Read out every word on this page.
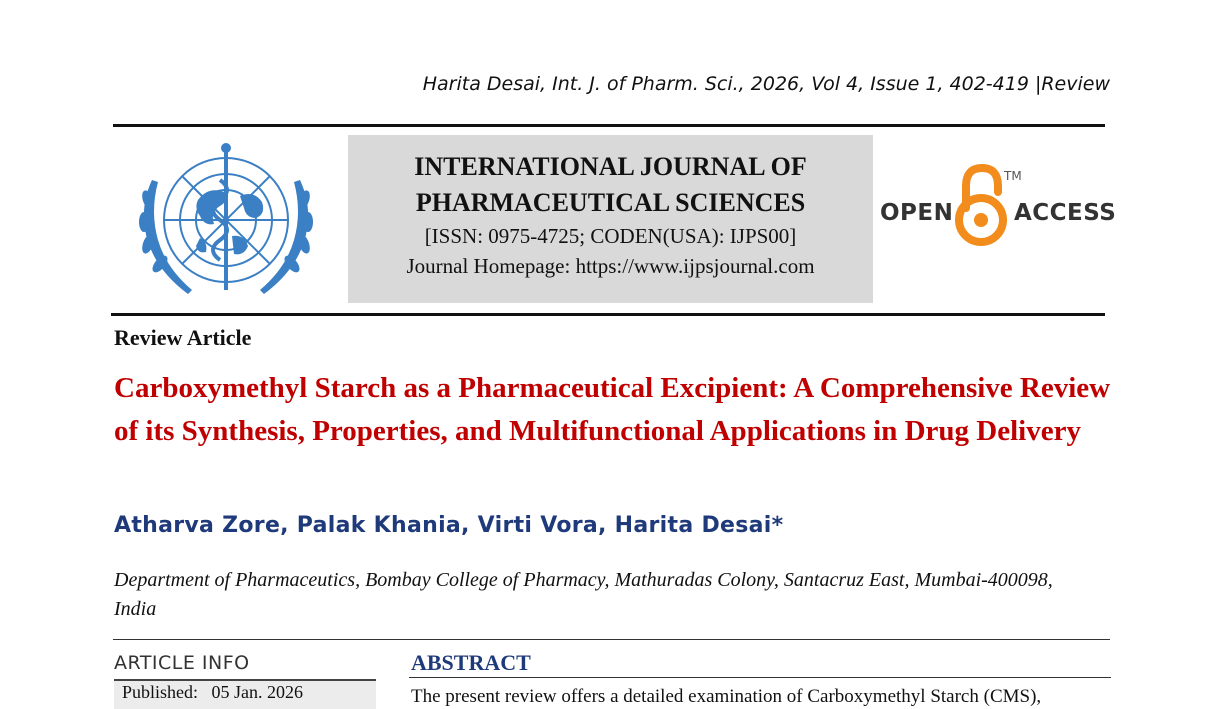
Harita Desai, Int. J. of Pharm. Sci., 2026, Vol 4, Issue 1, 402-419 |Review
INTERNATIONAL JOURNAL OF
PHARMACEUTICAL SCIENCES
[ISSN: 0975-4725; CODEN(USA): IJPS00]
Journal Homepage: https://www.ijpsjournal.com
OPEN
TM
ACCESS
Review Article
Carboxymethyl Starch as a Pharmaceutical Excipient: A Comprehensive Review of its Synthesis, Properties, and Multifunctional Applications in Drug Delivery
Atharva Zore, Palak Khania, Virti Vora, Harita Desai*
Department of Pharmaceutics, Bombay College of Pharmacy, Mathuradas Colony, Santacruz East, Mumbai-400098, India
ARTICLE INFO
Published:   05 Jan. 2026
ABSTRACT
The present review offers a detailed examination of Carboxymethyl Starch (CMS),
